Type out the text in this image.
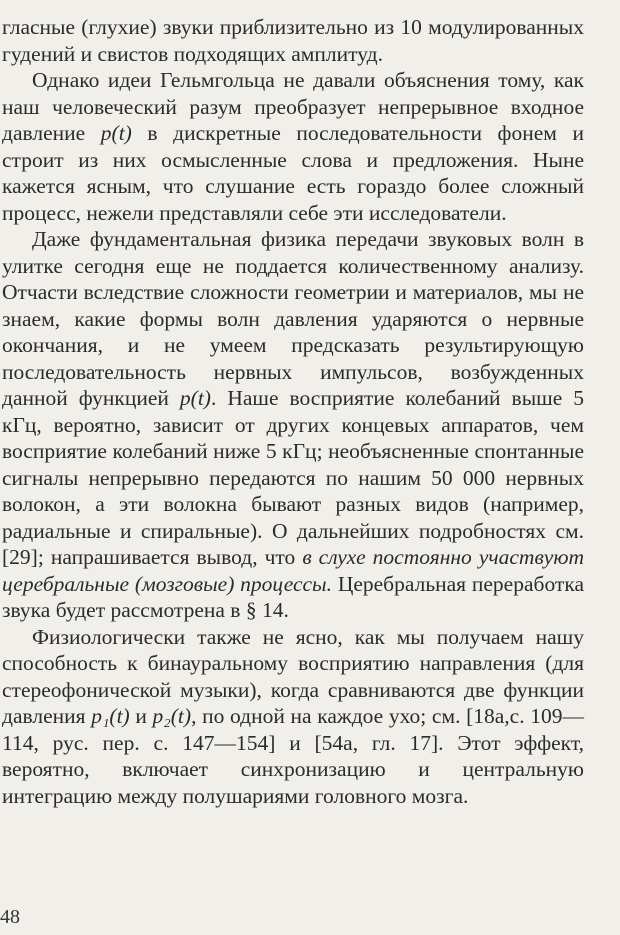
гласные (глухие) звуки приблизительно из 10 модулированных гудений и свистов подходящих амплитуд.

Однако идеи Гельмгольца не давали объяснения тому, как наш человеческий разум преобразует непрерывное входное давление p(t) в дискретные последовательности фонем и строит из них осмысленные слова и предложения. Ныне кажется ясным, что слушание есть гораздо более сложный процесс, нежели представляли себе эти исследователи.

Даже фундаментальная физика передачи звуковых волн в улитке сегодня еще не поддается количественному анализу. Отчасти вследствие сложности геометрии и материалов, мы не знаем, какие формы волн давления ударяются о нервные окончания, и не умеем предсказать результирующую последовательность нервных импульсов, возбужденных данной функцией p(t). Наше восприятие колебаний выше 5 кГц, вероятно, зависит от других концевых аппаратов, чем восприятие колебаний ниже 5 кГц; необъясненные спонтанные сигналы непрерывно передаются по нашим 50 000 нервных волокон, а эти волокна бывают разных видов (например, радиальные и спиральные). О дальнейших подробностях см. [29]; напрашивается вывод, что в слухе постоянно участвуют церебральные (мозговые) процессы. Церебральная переработка звука будет рассмотрена в § 14.

Физиологически также не ясно, как мы получаем нашу способность к бинауральному восприятию направления (для стереофонической музыки), когда сравниваются две функции давления p₁(t) и p₂(t), по одной на каждое ухо; см. [18а,с. 109—114, рус. пер. с. 147—154] и [54а, гл. 17]. Этот эффект, вероятно, включает синхронизацию и центральную интеграцию между полушариями головного мозга.

48
